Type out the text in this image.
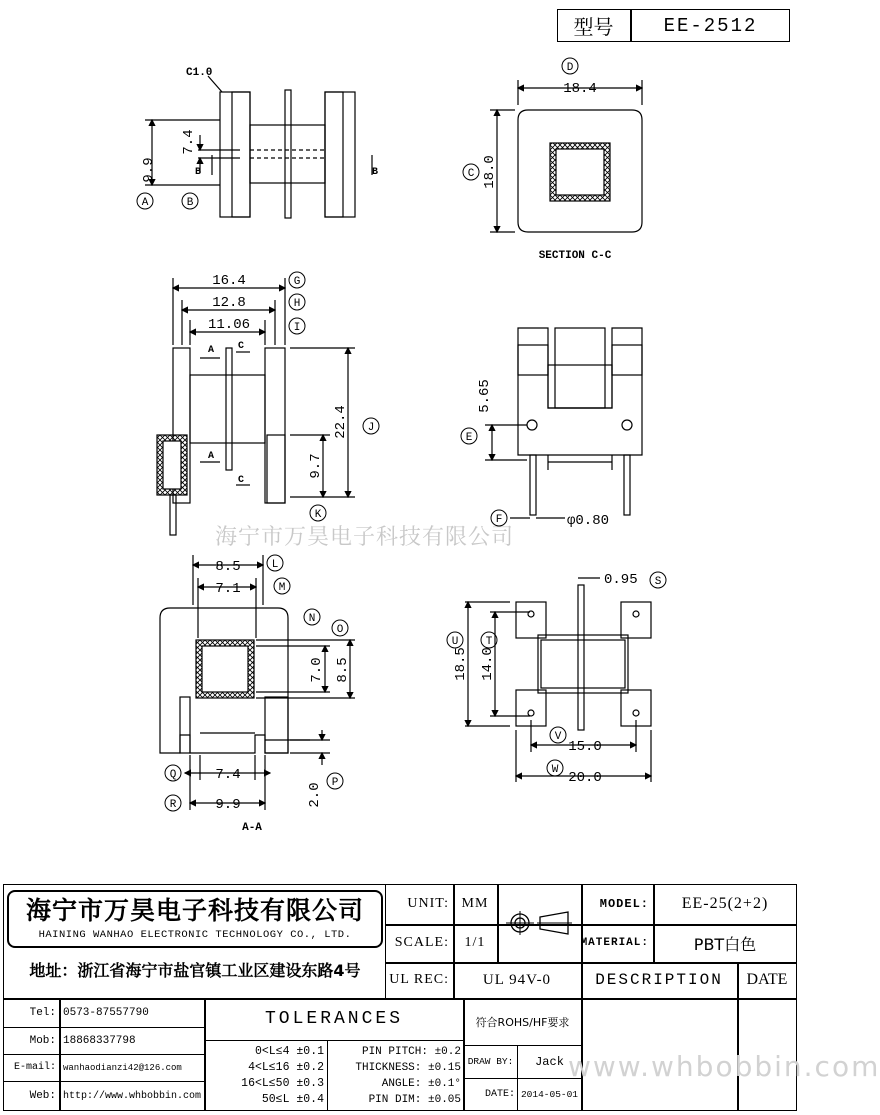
型号	EE-2512
C1.0
9.9
7.4
B	B
A	B
18.4
18.0
D
C
SECTION C-C
16.4
12.8
11.06
22.4
9.7
A
A
C
C
G
H
I
J
K
5.65
φ0.80
E
F
8.5
7.1
8.5
7.0
7.4
9.9	2.0
L
M
N
O
P
Q
R
A-A
0.95
18.5 14.0
15.0
20.0
S
T
U
V
W
海宁市万昊电子科技有限公司
海宁市万昊电子科技有限公司
HAINING WANHAO ELECTRONIC TECHNOLOGY CO., LTD.
地址：浙江省海宁市盐官镇工业区建设东路4号
UNIT: MM
SCALE:	1/1
UL REC:	UL 94V-0
MODEL:	EE-25(2+2)
MATERIAL:	PBT白色
DESCRIPTION	DATE
Tel: 0573-87557790
Mob: 18868337798
E-mail: wanhaodianzi42@126.com
Web: http://www.whbobbin.com
TOLERANCES
0<L≤4 ±0.1
4<L≤16 ±0.2
16<L≤50 ±0.3
50≤L ±0.4
PIN PITCH: ±0.2
THICKNESS: ±0.15
ANGLE: ±0.1°
PIN DIM: ±0.05
符合ROHS/HF要求
DRAW BY:	Jack
DATE: 2014-05-01
www.whbobbin.com
